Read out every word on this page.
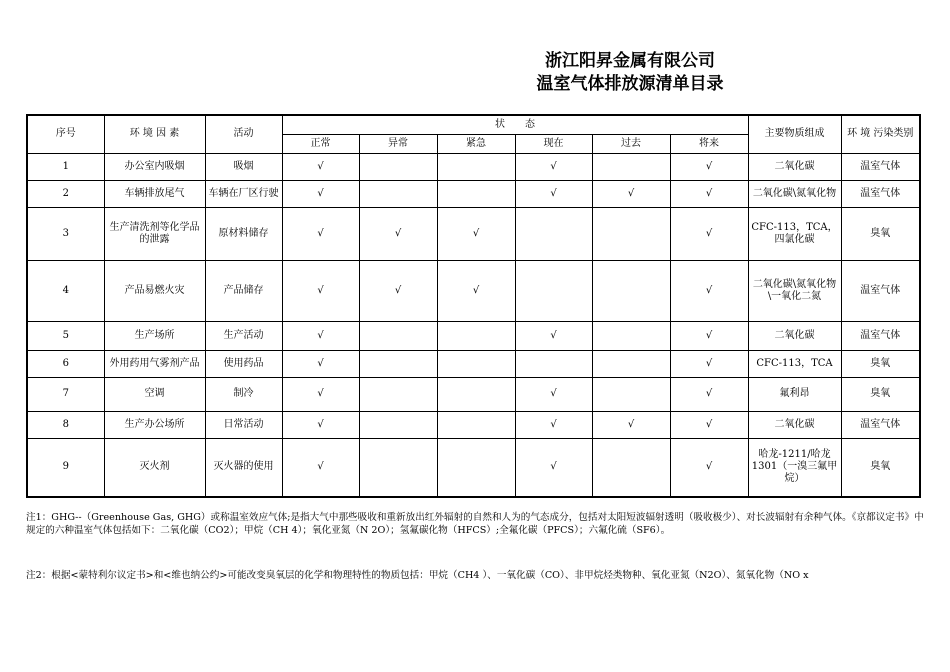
浙江阳昇金属有限公司
温室气体排放源清单目录
序号	环 境 因 素	活动	状　　态						主要物质组成	环 境 污染类别
			正常	异常	紧急	现在	过去	将来		
1	办公室内吸烟	吸烟	√			√		√	二氧化碳	温室气体
2	车辆排放尾气	车辆在厂区行驶	√			√	√	√	二氧化碳\氮氧化物	温室气体
3	生产清洗剂等化学品的泄露	原材料储存	√	√	√			√	CFC-113，TCA，四氯化碳	臭氧
4	产品易燃火灾	产品储存	√	√	√			√	二氧化碳\氮氧化物\一氧化二氮	温室气体
5	生产场所	生产活动	√			√		√	二氧化碳	温室气体
6	外用药用气雾剂产品	使用药品	√					√	CFC-113，TCA	臭氧
7	空调	制冷	√			√		√	氟利昂	臭氧
8	生产办公场所	日常活动	√			√	√	√	二氧化碳	温室气体
9	灭火剂	灭火器的使用	√			√		√	哈龙-1211/哈龙1301（一溴三氟甲烷）	臭氧
注1：GHG--（Greenhouse Gas, GHG）或称温室效应气体;是指大气中那些吸收和重新放出红外辐射的自然和人为的气态成分，包括对太阳短波辐射透明（吸收极少）、对长波辐射有余种气体。《京都议定书》中规定的六种温室气体包括如下：二氧化碳（CO2）；甲烷（CH 4）；氧化亚氮（N 2O）；氢氟碳化物（HFCS）;全氟化碳（PFCS）；六氟化硫（SF6）。
注2：根据<蒙特利尔议定书>和<维也纳公约>可能改变臭氧层的化学和物理特性的物质包括：甲烷（CH4 ）、一氧化碳（CO）、非甲烷烃类物种、氧化亚氮（N2O）、氮氧化物（NO x
